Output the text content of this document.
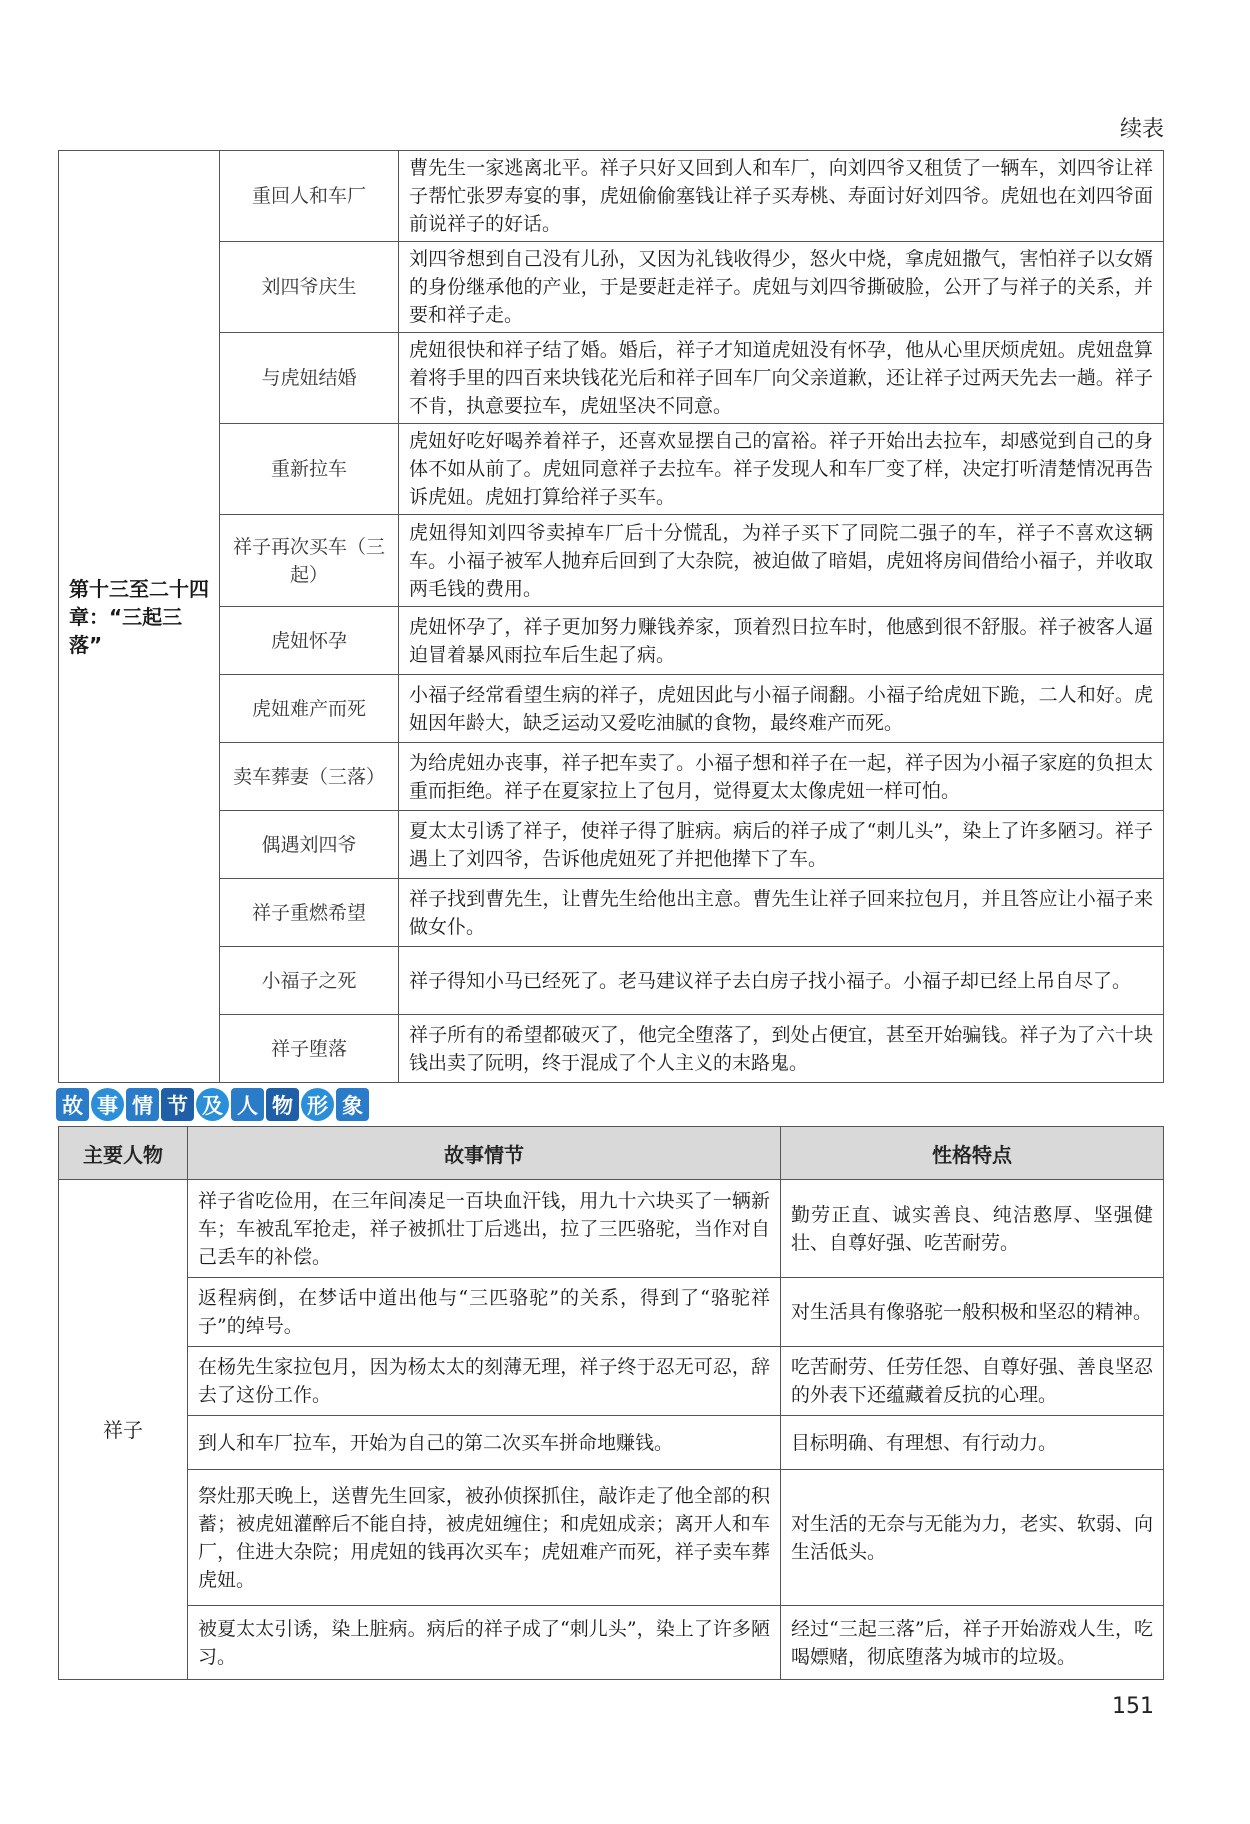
续表
第十三至二十四章：“三起三落”	重回人和车厂	曹先生一家逃离北平。祥子只好又回到人和车厂，向刘四爷又租赁了一辆车，刘四爷让祥子帮忙张罗寿宴的事，虎妞偷偷塞钱让祥子买寿桃、寿面讨好刘四爷。虎妞也在刘四爷面前说祥子的好话。
	刘四爷庆生	刘四爷想到自己没有儿孙，又因为礼钱收得少，怒火中烧，拿虎妞撒气，害怕祥子以女婿的身份继承他的产业，于是要赶走祥子。虎妞与刘四爷撕破脸，公开了与祥子的关系，并要和祥子走。
	与虎妞结婚	虎妞很快和祥子结了婚。婚后，祥子才知道虎妞没有怀孕，他从心里厌烦虎妞。虎妞盘算着将手里的四百来块钱花光后和祥子回车厂向父亲道歉，还让祥子过两天先去一趟。祥子不肯，执意要拉车，虎妞坚决不同意。
	重新拉车	虎妞好吃好喝养着祥子，还喜欢显摆自己的富裕。祥子开始出去拉车，却感觉到自己的身体不如从前了。虎妞同意祥子去拉车。祥子发现人和车厂变了样，决定打听清楚情况再告诉虎妞。虎妞打算给祥子买车。
	祥子再次买车（三起）	虎妞得知刘四爷卖掉车厂后十分慌乱，为祥子买下了同院二强子的车，祥子不喜欢这辆车。小福子被军人抛弃后回到了大杂院，被迫做了暗娼，虎妞将房间借给小福子，并收取两毛钱的费用。
	虎妞怀孕	虎妞怀孕了，祥子更加努力赚钱养家，顶着烈日拉车时，他感到很不舒服。祥子被客人逼迫冒着暴风雨拉车后生起了病。
	虎妞难产而死	小福子经常看望生病的祥子，虎妞因此与小福子闹翻。小福子给虎妞下跪，二人和好。虎妞因年龄大，缺乏运动又爱吃油腻的食物，最终难产而死。
	卖车葬妻（三落）	为给虎妞办丧事，祥子把车卖了。小福子想和祥子在一起，祥子因为小福子家庭的负担太重而拒绝。祥子在夏家拉上了包月，觉得夏太太像虎妞一样可怕。
	偶遇刘四爷	夏太太引诱了祥子，使祥子得了脏病。病后的祥子成了“刺儿头”，染上了许多陋习。祥子遇上了刘四爷，告诉他虎妞死了并把他撵下了车。
	祥子重燃希望	祥子找到曹先生，让曹先生给他出主意。曹先生让祥子回来拉包月，并且答应让小福子来做女仆。
	小福子之死	祥子得知小马已经死了。老马建议祥子去白房子找小福子。小福子却已经上吊自尽了。
	祥子堕落	祥子所有的希望都破灭了，他完全堕落了，到处占便宜，甚至开始骗钱。祥子为了六十块钱出卖了阮明，终于混成了个人主义的末路鬼。
故 事 情 节 及 人 物 形 象
主要人物	故事情节	性格特点
祥子	祥子省吃俭用，在三年间凑足一百块血汗钱，用九十六块买了一辆新车；车被乱军抢走，祥子被抓壮丁后逃出，拉了三匹骆驼，当作对自己丢车的补偿。	勤劳正直、诚实善良、纯洁憨厚、坚强健壮、自尊好强、吃苦耐劳。
	返程病倒，在梦话中道出他与“三匹骆驼”的关系，得到了“骆驼祥子”的绰号。	对生活具有像骆驼一般积极和坚忍的精神。
	在杨先生家拉包月，因为杨太太的刻薄无理，祥子终于忍无可忍，辞去了这份工作。	吃苦耐劳、任劳任怨、自尊好强、善良坚忍的外表下还蕴藏着反抗的心理。
	到人和车厂拉车，开始为自己的第二次买车拼命地赚钱。	目标明确、有理想、有行动力。
	祭灶那天晚上，送曹先生回家，被孙侦探抓住，敲诈走了他全部的积蓄；被虎妞灌醉后不能自持，被虎妞缠住；和虎妞成亲；离开人和车厂，住进大杂院；用虎妞的钱再次买车；虎妞难产而死，祥子卖车葬虎妞。	对生活的无奈与无能为力，老实、软弱、向生活低头。
	被夏太太引诱，染上脏病。病后的祥子成了“刺儿头”，染上了许多陋习。	经过“三起三落”后，祥子开始游戏人生，吃喝嫖赌，彻底堕落为城市的垃圾。
151
